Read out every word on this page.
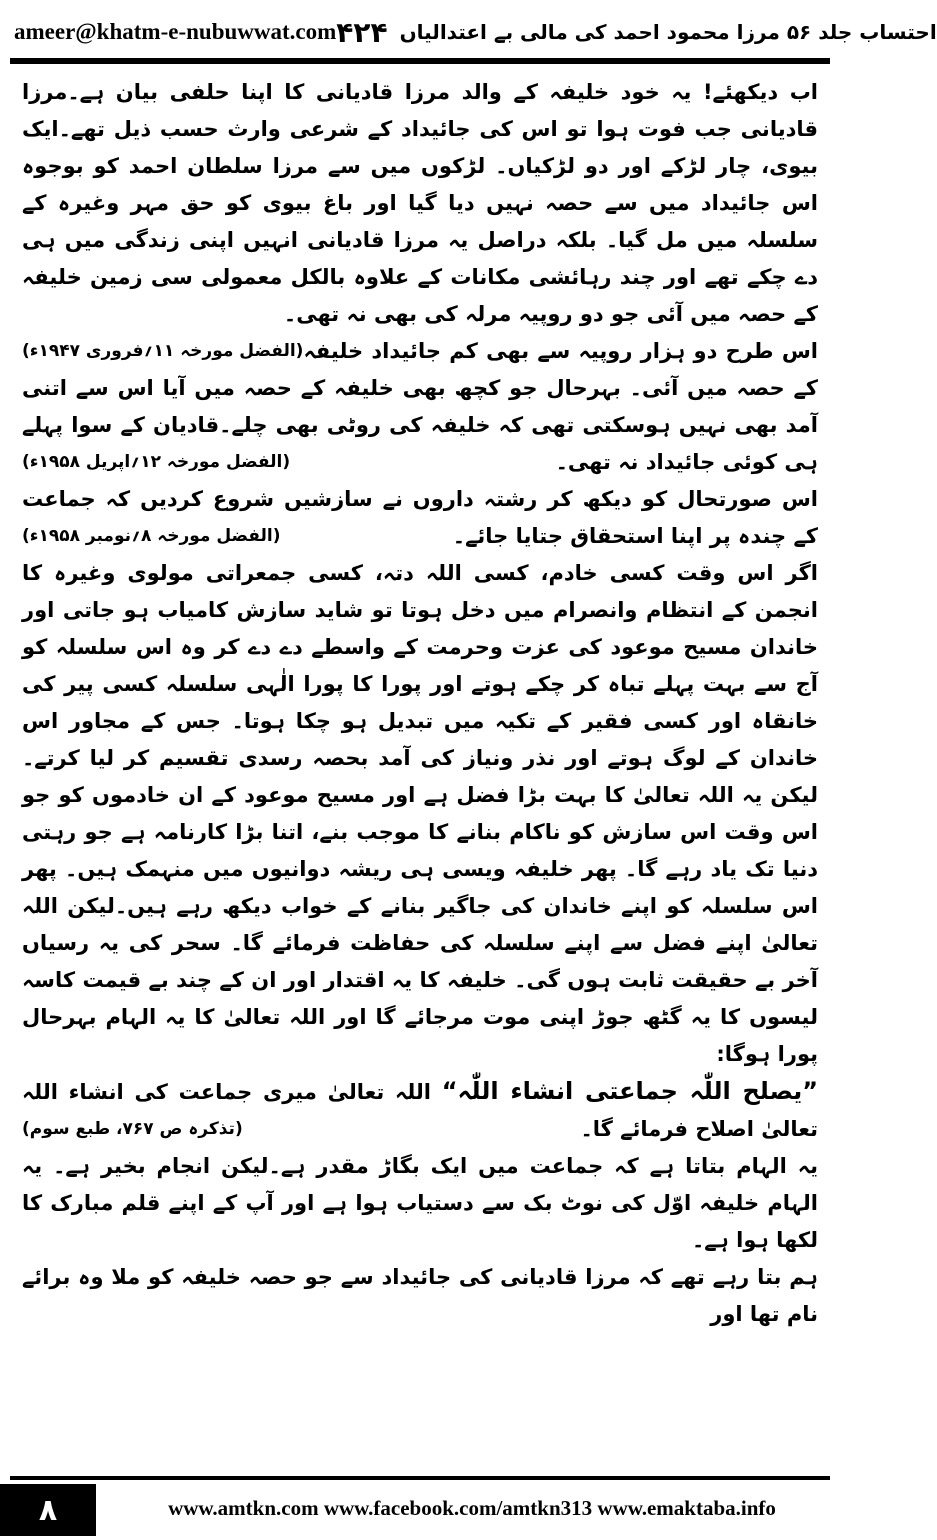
ameer@khatm-e-nubuwwat.com	احتساب جلد ۵۶ مرزا محمود احمد کی مالی بے اعتدالیاں
۴۲۴

اب دیکھئے! یہ خود خلیفہ کے والد مرزا قادیانی کا اپنا حلفی بیان ہے۔مرزا قادیانی جب فوت ہوا تو اس کی جائیداد کے شرعی وارث حسب ذیل تھے۔ایک بیوی، چار لڑکے اور دو لڑکیاں۔ لڑکوں میں سے مرزا سلطان احمد کو بوجوہ اس جائیداد میں سے حصہ نہیں دیا گیا اور باغ بیوی کو حق مہر وغیرہ کے سلسلہ میں مل گیا۔ بلکہ دراصل یہ مرزا قادیانی انہیں اپنی زندگی میں ہی دے چکے تھے اور چند رہائشی مکانات کے علاوہ بالکل معمولی سی زمین خلیفہ کے حصہ میں آئی جو دو روپیہ مرلہ کی بھی نہ تھی۔
(الفضل مورخہ ۱۱؍فروری ۱۹۴۷ء) اس طرح دو ہزار روپیہ سے بھی کم جائیداد خلیفہ کے حصہ میں آئی۔ بہرحال جو کچھ بھی خلیفہ کے حصہ میں آیا اس سے اتنی آمد بھی نہیں ہوسکتی تھی کہ خلیفہ کی روٹی بھی چلے۔قادیان کے سوا پہلے ہی کوئی جائیداد نہ تھی۔
(الفضل مورخہ ۱۲؍اپریل ۱۹۵۸ء)

اس صورتحال کو دیکھ کر رشتہ داروں نے سازشیں شروع کردیں کہ جماعت کے چندہ پر اپنا استحقاق جتایا جائے۔
(الفضل مورخہ ۸؍نومبر ۱۹۵۸ء)

اگر اس وقت کسی خادم، کسی اللہ دتہ، کسی جمعراتی مولوی وغیرہ کا انجمن کے انتظام وانصرام میں دخل ہوتا تو شاید سازش کامیاب ہو جاتی اور خاندان مسیح موعود کی عزت وحرمت کے واسطے دے دے کر وہ اس سلسلہ کو آج سے بہت پہلے تباہ کر چکے ہوتے اور پورا کا پورا الٰہی سلسلہ کسی پیر کی خانقاہ اور کسی فقیر کے تکیہ میں تبدیل ہو چکا ہوتا۔ جس کے مجاور اس خاندان کے لوگ ہوتے اور نذر ونیاز کی آمد بحصہ رسدی تقسیم کر لیا کرتے۔لیکن یہ اللہ تعالیٰ کا بہت بڑا فضل ہے اور مسیح موعود کے ان خادموں کو جو اس وقت اس سازش کو ناکام بنانے کا موجب بنے، اتنا بڑا کارنامہ ہے جو رہتی دنیا تک یاد رہے گا۔ پھر خلیفہ ویسی ہی ریشہ دوانیوں میں منہمک ہیں۔ پھر اس سلسلہ کو اپنے خاندان کی جاگیر بنانے کے خواب دیکھ رہے ہیں۔لیکن اللہ تعالیٰ اپنے فضل سے اپنے سلسلہ کی حفاظت فرمائے گا۔ سحر کی یہ رسیاں آخر بے حقیقت ثابت ہوں گی۔ خلیفہ کا یہ اقتدار اور ان کے چند بے قیمت کاسہ لیسوں کا یہ گٹھ جوڑ اپنی موت مرجائے گا اور اللہ تعالیٰ کا یہ الہام بہرحال پورا ہوگا:

”یصلح اللّٰہ جماعتی انشاء اللّٰہ“ اللہ تعالیٰ میری جماعت کی انشاء اللہ تعالیٰ اصلاح فرمائے گا۔
(تذکرہ ص ۷۶۷، طبع سوم)

یہ الہام بتاتا ہے کہ جماعت میں ایک بگاڑ مقدر ہے۔لیکن انجام بخیر ہے۔ یہ الہام خلیفہ اوّل کی نوٹ بک سے دستیاب ہوا ہے اور آپ کے اپنے قلم مبارک کا لکھا ہوا ہے۔

ہم بتا رہے تھے کہ مرزا قادیانی کی جائیداد سے جو حصہ خلیفہ کو ملا وہ برائے نام تھا اور

۸	www.amtkn.com www.facebook.com/amtkn313 www.emaktaba.info
